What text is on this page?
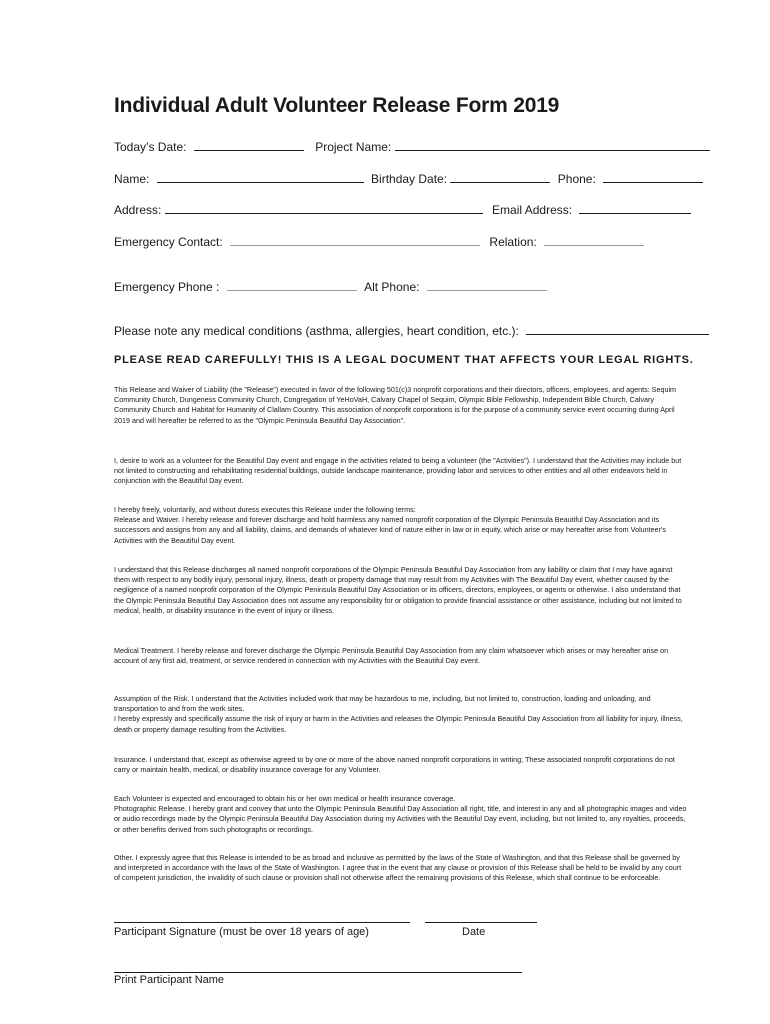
Individual Adult Volunteer Release Form 2019
Today’s Date:	Project Name:
Name:	Birthday Date:	Phone:
Address:	Email Address:
Emergency Contact:	Relation:
Emergency Phone :	Alt Phone:
Please note any medical conditions (asthma, allergies, heart condition, etc.):
PLEASE READ CAREFULLY! THIS IS A LEGAL DOCUMENT THAT AFFECTS YOUR LEGAL RIGHTS.

This Release and Waiver of Liability (the "Release") executed in favor of the following 501(c)3 nonprofit corporations and their directors, officers, employees, and agents: Sequim Community Church, Dungeness Community Church, Congregation of YeHoVaH, Calvary Chapel of Sequim, Olympic Bible Fellowship, Independent Bible Church, Calvary Community Church and Habitat for Humanity of Clallam Country. This association of nonprofit corporations is for the purpose of a community service event occurring during April 2019 and will hereafter be referred to as the "Olympic Peninsula Beautiful Day Association".

I, desire to work as a volunteer for the Beautiful Day event and engage in the activities related to being a volunteer (the "Activities"). I understand that the Activities may include but not limited to constructing and rehabilitating residential buildings, outside landscape maintenance, providing labor and services to other entities and all other endeavors held in conjunction with the Beautiful Day event.

I hereby freely, voluntarily, and without duress executes this Release under the following terms:

Release and Waiver. I hereby release and forever discharge and hold harmless any named nonprofit corporation of the Olympic Peninsula Beautiful Day Association and its successors and assigns from any and all liability, claims, and demands of whatever kind of nature either in law or in equity, which arise or may hereafter arise from Volunteer's Activities with the Beautiful Day event.

I understand that this Release discharges all named nonprofit corporations of the Olympic Peninsula Beautiful Day Association from any liability or claim that I may have against them with respect to any bodily injury, personal injury, illness, death or property damage that may result from my Activities with The Beautiful Day event, whether caused by the negligence of a named nonprofit corporation of the Olympic Peninsula Beautiful Day Association or its officers, directors, employees, or agents or otherwise. I also understand that the Olympic Peninsula Beautiful Day Association does not assume any responsibility for or obligation to provide financial assistance or other assistance, including but not limited to medical, health, or disability insurance in the event of injury or illness.

Medical Treatment. I hereby release and forever discharge the Olympic Peninsula Beautiful Day Association from any claim whatsoever which arises or may hereafter arise on account of any first aid, treatment, or service rendered in connection with my Activities with the Beautiful Day event.

Assumption of the Risk. I understand that the Activities included work that may be hazardous to me, including, but not limited to, construction, loading and unloading, and transportation to and from the work sites.

I hereby expressly and specifically assume the risk of injury or harm in the Activities and releases the Olympic Peninsula Beautiful Day Association from all liability for injury, illness, death or property damage resulting from the Activities.

Insurance. I understand that, except as otherwise agreed to by one or more of the above named nonprofit corporations in writing; These associated nonprofit corporations do not carry or maintain health, medical, or disability insurance coverage for any Volunteer.

Each Volunteer is expected and encouraged to obtain his or her own medical or health insurance coverage.

Photographic Release. I hereby grant and convey that unto the Olympic Peninsula Beautiful Day Association all right, title, and interest in any and all photographic images and video or audio recordings made by the Olympic Peninsula Beautiful Day Association during my Activities with the Beautiful Day event, including, but not limited to, any royalties, proceeds, or other benefits derived from such photographs or recordings.

Other. I expressly agree that this Release is intended to be as broad and inclusive as permitted by the laws of the State of Washington, and that this Release shall be governed by and interpreted in accordance with the laws of the State of Washington. I agree that in the event that any clause or provision of this Release shall be held to be invalid by any court of competent jurisdiction, the invalidity of such clause or provision shall not otherwise affect the remaining provisions of this Release, which shall continue to be enforceable.

Participant Signature (must be over 18 years of age)	Date
Print Participant Name
